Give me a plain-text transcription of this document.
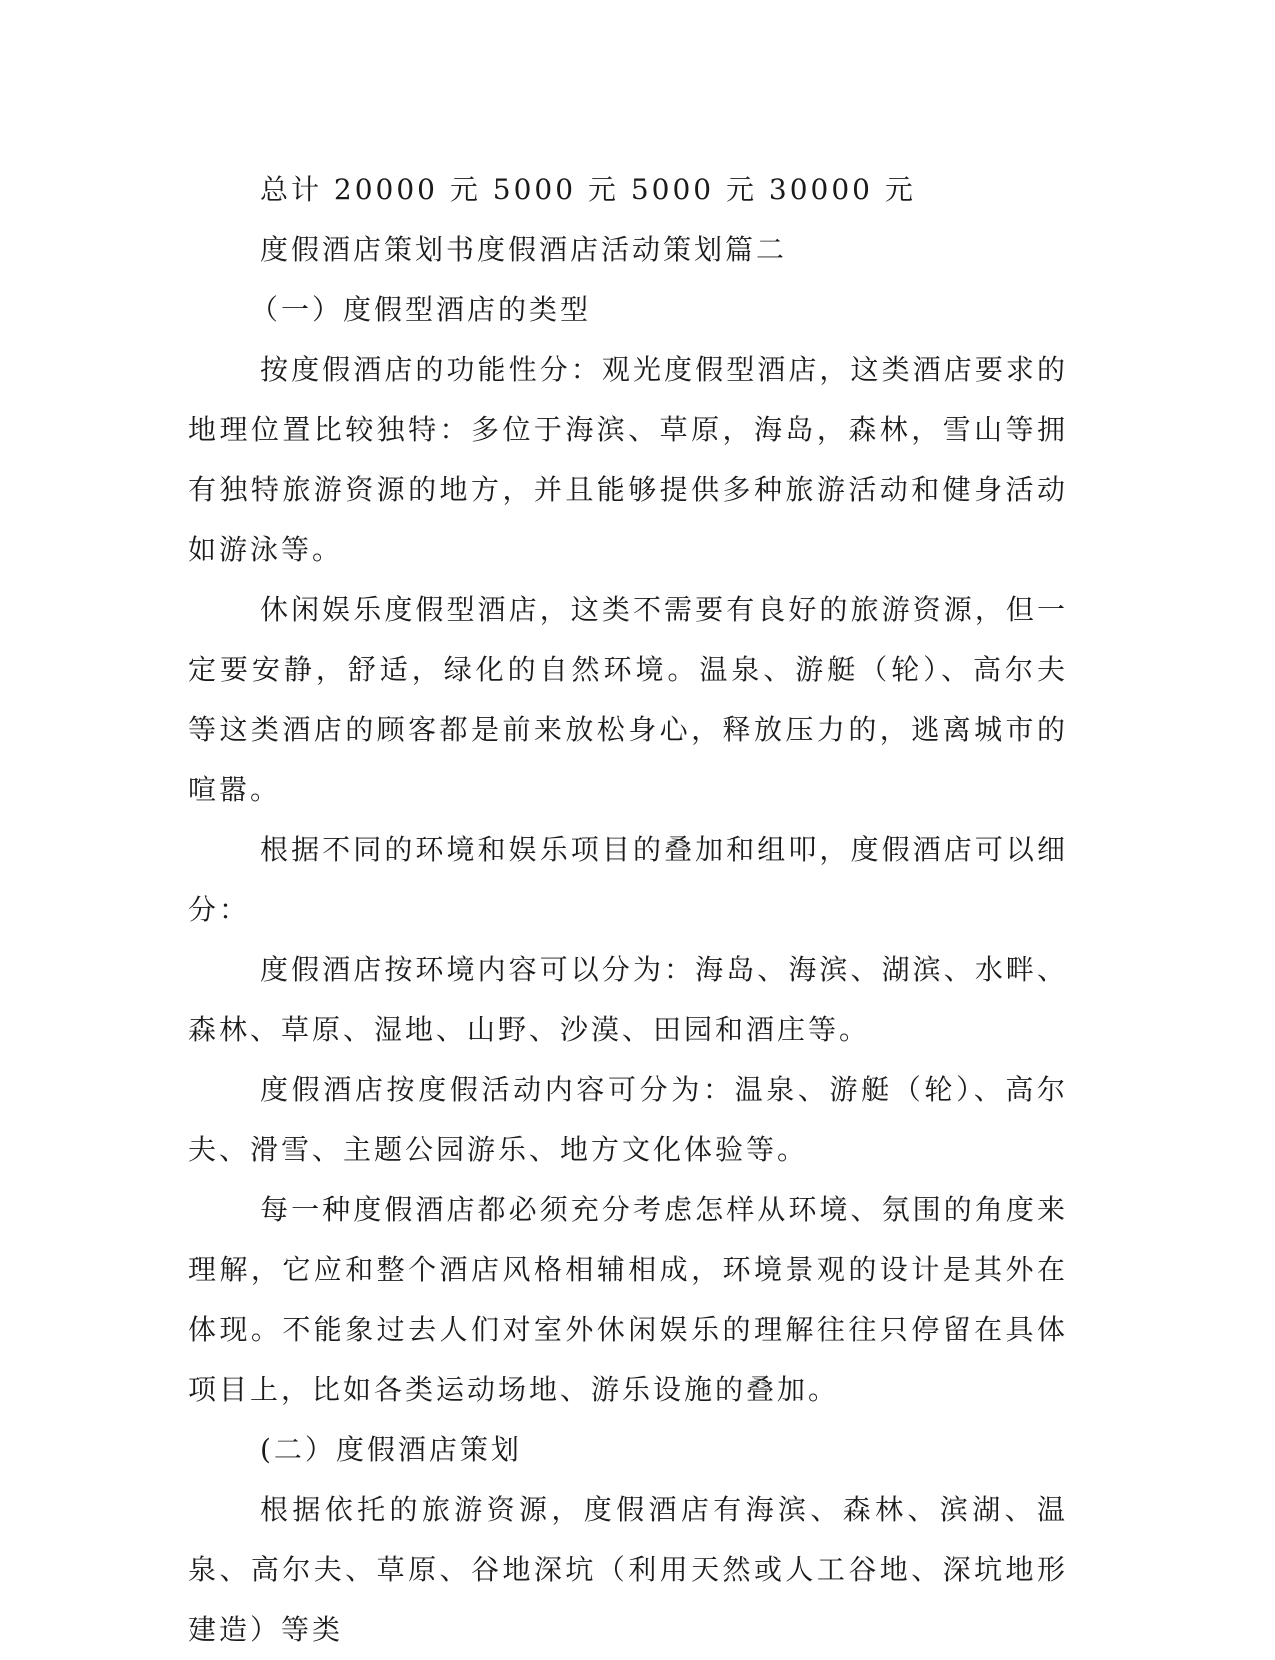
总计 20000 元 5000 元 5000 元 30000 元

度假酒店策划书度假酒店活动策划篇二

（一）度假型酒店的类型

按度假酒店的功能性分：观光度假型酒店，这类酒店要求的地理位置比较独特：多位于海滨、草原，海岛，森林，雪山等拥有独特旅游资源的地方，并且能够提供多种旅游活动和健身活动如游泳等。

休闲娱乐度假型酒店，这类不需要有良好的旅游资源，但一定要安静，舒适，绿化的自然环境。温泉、游艇（轮）、高尔夫等这类酒店的顾客都是前来放松身心，释放压力的，逃离城市的喧嚣。

根据不同的环境和娱乐项目的叠加和组叩，度假酒店可以细分：

度假酒店按环境内容可以分为：海岛、海滨、湖滨、水畔、森林、草原、湿地、山野、沙漠、田园和酒庄等。

度假酒店按度假活动内容可分为：温泉、游艇（轮）、高尔夫、滑雪、主题公园游乐、地方文化体验等。

每一种度假酒店都必须充分考虑怎样从环境、氛围的角度来理解，它应和整个酒店风格相辅相成，环境景观的设计是其外在体现。不能象过去人们对室外休闲娱乐的理解往往只停留在具体项目上，比如各类运动场地、游乐设施的叠加。

(二）度假酒店策划

根据依托的旅游资源，度假酒店有海滨、森林、滨湖、温泉、高尔夫、草原、谷地深坑（利用天然或人工谷地、深坑地形建造）等类
